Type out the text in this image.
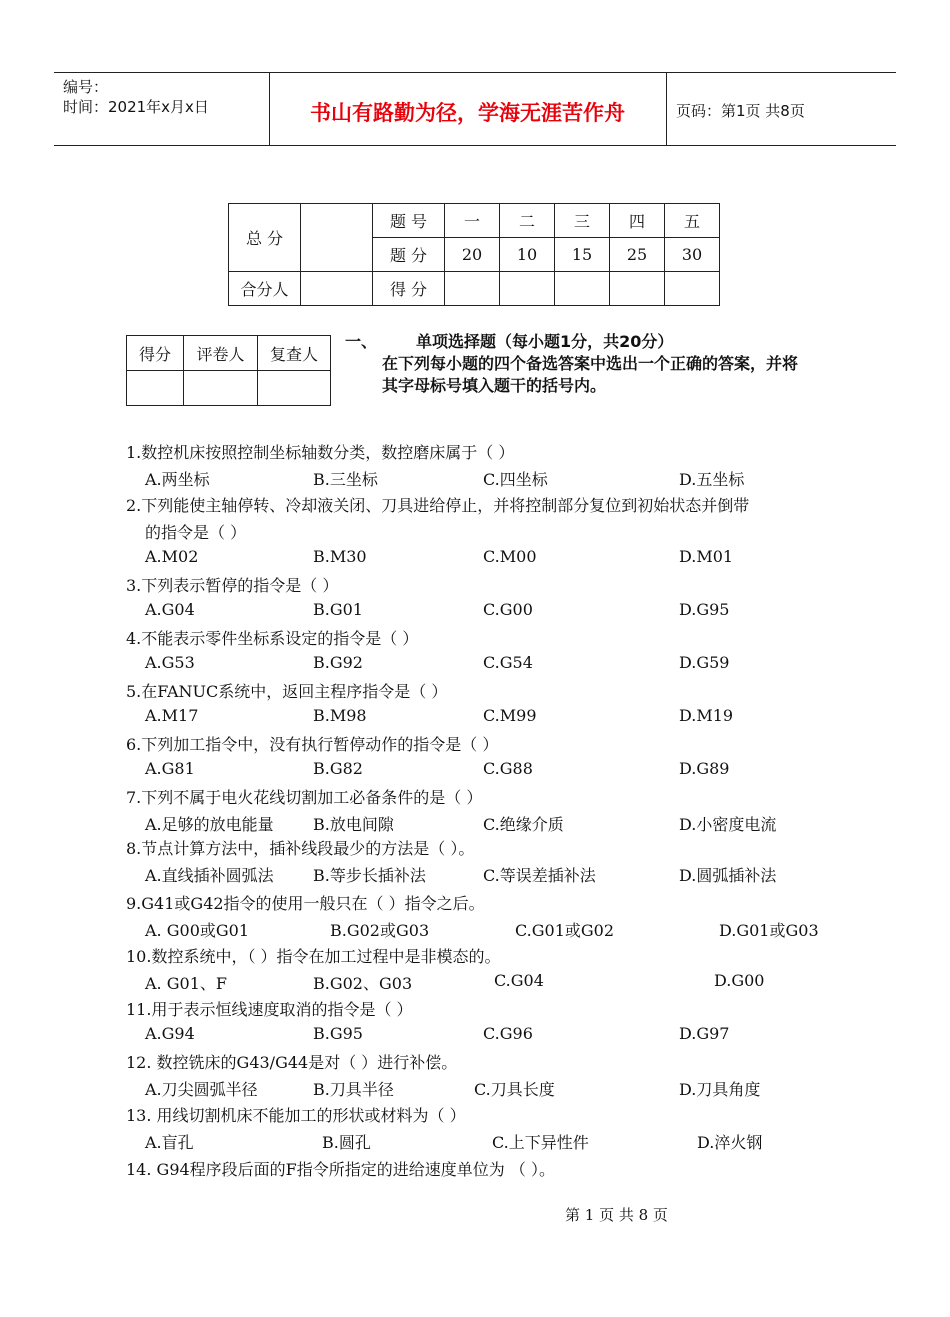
编号：
时间：2021年x月x日	书山有路勤为径，学海无涯苦作舟	页码：第1页 共8页
总 分		题 号	一	二	三	四	五
		题 分	20	10	15	25	30
合分人		得 分					
得分	评卷人	复查人

一、 单项选择题（每小题1分，共20分）
在下列每小题的四个备选答案中选出一个正确的答案，并将其字母标号填入题干的括号内。
1.数控机床按照控制坐标轴数分类，数控磨床属于（ ）
A.两坐标	B.三坐标	C.四坐标	D.五坐标
2.下列能使主轴停转、冷却液关闭、刀具进给停止，并将控制部分复位到初始状态并倒带
的指令是（ ）
A.M02	B.M30	C.M00	D.M01
3.下列表示暂停的指令是（ ）
A.G04	B.G01	C.G00	D.G95
4.不能表示零件坐标系设定的指令是（ ）
A.G53	B.G92	C.G54	D.G59
5.在FANUC系统中，返回主程序指令是（ ）
A.M17	B.M98	C.M99	D.M19
6.下列加工指令中，没有执行暂停动作的指令是（ ）
A.G81	B.G82	C.G88	D.G89
7.下列不属于电火花线切割加工必备条件的是（ ）
A.足够的放电能量 B.放电间隙	C.绝缘介质	D.小密度电流
8.节点计算方法中，插补线段最少的方法是（ ）。
A.直线插补圆弧法 B.等步长插补法	C.等误差插补法	D.圆弧插补法
9.G41或G42指令的使用一般只在（ ）指令之后。
A. G00或G01	B.G02或G03	C.G01或G02	D.G01或G03
10.数控系统中，（ ）指令在加工过程中是非模态的。
A. G01、F	B.G02、G03	C.G04	D.G00
11.用于表示恒线速度取消的指令是（ ）
A.G94	B.G95	C.G96	D.G97
12. 数控铣床的G43/G44是对（ ）进行补偿。
A.刀尖圆弧半径	B.刀具半径	C.刀具长度	D.刀具角度
13. 用线切割机床不能加工的形状或材料为（ ）
A.盲孔	B.圆孔	C.上下异性件	D.淬火钢
14. G94程序段后面的F指令所指定的进给速度单位为 （ ）。
第 1 页 共 8 页
